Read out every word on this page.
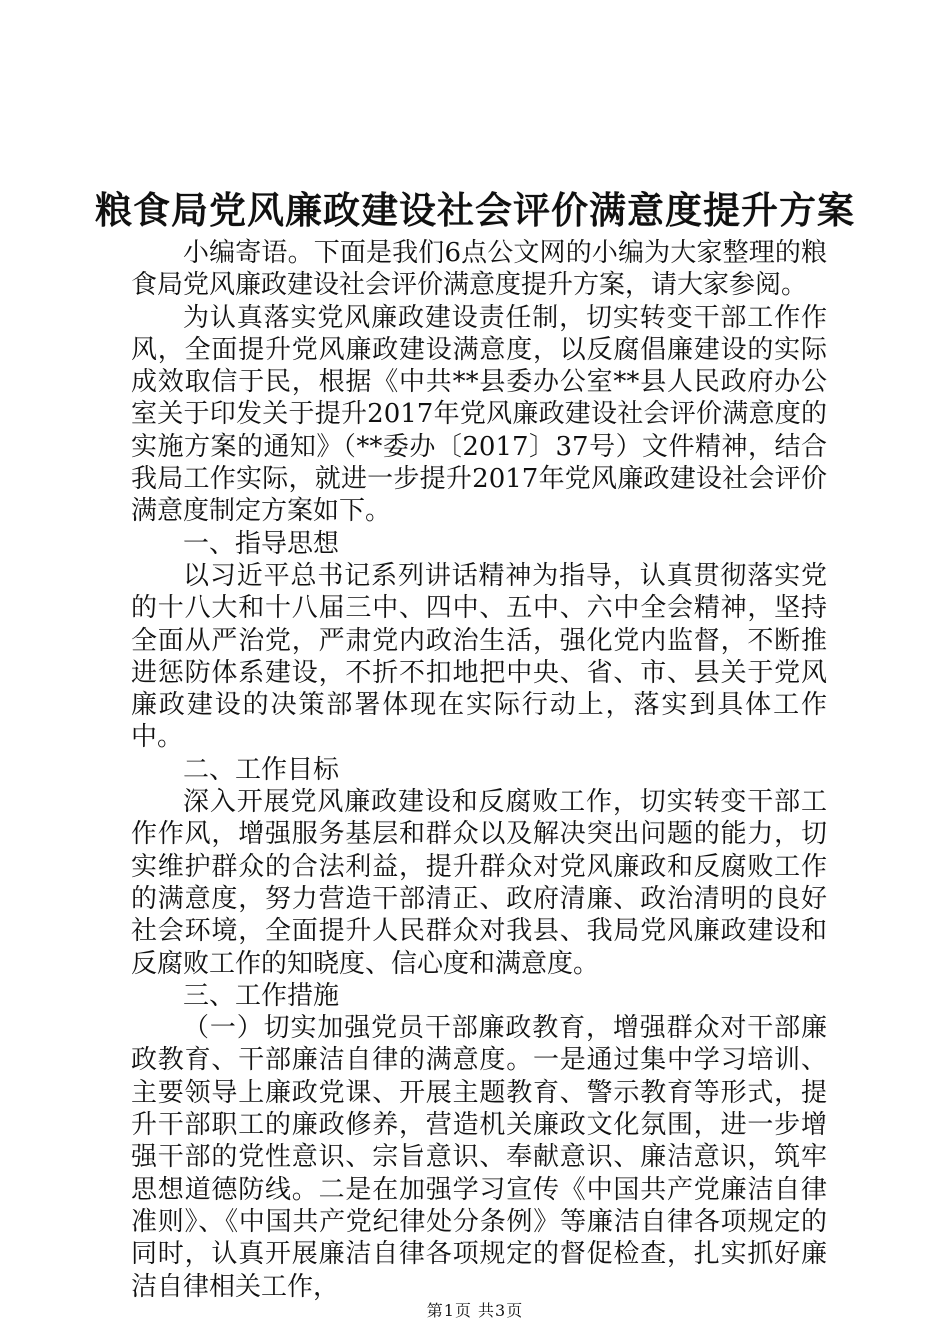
粮食局党风廉政建设社会评价满意度提升方案

小编寄语。下面是我们6点公文网的小编为大家整理的粮食局党风廉政建设社会评价满意度提升方案，请大家参阅。

为认真落实党风廉政建设责任制，切实转变干部工作作风，全面提升党风廉政建设满意度，以反腐倡廉建设的实际成效取信于民，根据《中共**县委办公室**县人民政府办公室关于印发关于提升2017年党风廉政建设社会评价满意度的实施方案的通知》（**委办〔2017〕37号）文件精神，结合我局工作实际，就进一步提升2017年党风廉政建设社会评价满意度制定方案如下。

一、指导思想

以习近平总书记系列讲话精神为指导，认真贯彻落实党的十八大和十八届三中、四中、五中、六中全会精神，坚持全面从严治党，严肃党内政治生活，强化党内监督，不断推进惩防体系建设，不折不扣地把中央、省、市、县关于党风廉政建设的决策部署体现在实际行动上，落实到具体工作中。

二、工作目标

深入开展党风廉政建设和反腐败工作，切实转变干部工作作风，增强服务基层和群众以及解决突出问题的能力，切实维护群众的合法利益，提升群众对党风廉政和反腐败工作的满意度，努力营造干部清正、政府清廉、政治清明的良好社会环境，全面提升人民群众对我县、我局党风廉政建设和反腐败工作的知晓度、信心度和满意度。

三、工作措施

（一）切实加强党员干部廉政教育，增强群众对干部廉政教育、干部廉洁自律的满意度。一是通过集中学习培训、主要领导上廉政党课、开展主题教育、警示教育等形式，提升干部职工的廉政修养，营造机关廉政文化氛围，进一步增强干部的党性意识、宗旨意识、奉献意识、廉洁意识，筑牢思想道德防线。二是在加强学习宣传《中国共产党廉洁自律准则》、《中国共产党纪律处分条例》等廉洁自律各项规定的同时，认真开展廉洁自律各项规定的督促检查，扎实抓好廉洁自律相关工作，

第1页 共3页
